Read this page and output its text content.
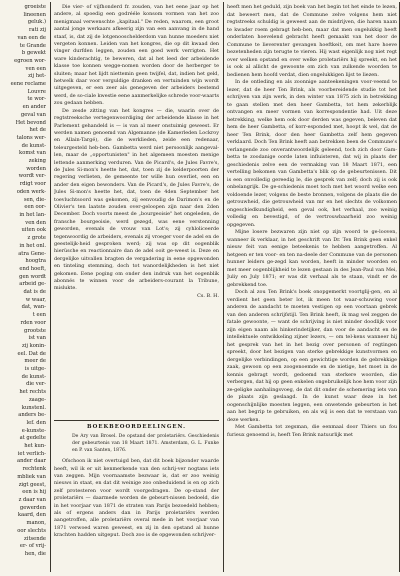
groeiste
lineenen
geluk.)
rati zij
van een de
te Grande
b gewekt
egroen wor-
ven een
zij het-
eene reclame
Louvre
te wor-
en ander
geval van
Het bevond
het de
talons wer-
de kunst-
komst van
zeking
worden
wordt ver-
rdigt voor
oden werk-
sen, die-
een oor-
in het lan-
ven den
uiten ook
z grote
in het onl.
atra Gene-
hoogtra
end hoeft,
gen wordt
arbeid ge-
dat is de
w waar,
dat, wan-
t een
rden voor
grootste
ist van
zij konin-
eel. Dat de
meer de
is uitge-
de kunst-
die ver-
het rechts
zaage-
kunstenl.
anders be-
lef. den
e-kunste-
at gedelte
het kun-
iet verlich-
ander daar
rechtenk
mbliek van
zigt geest,
een is hij
z daar van
gewerden
kaard, den
manon,
oor slechts
zitsende
er- of vrij-
hen, die

Die vier- of vijfhonderd fr. zouden, van het eene jaar op het andere, al spoedig een godrééle konsom vormen van het zoo menigmaal verwenschte „kapitaal." De reden, waarom, een groot aantal jonge werkaars afkeerig zijn van een aanvang in de hand staaf, is, dat zij de lotgenooschelderdom van hunne moeders niet vergeten konnen. Leiden van het kongres, die op dit kwaad den vinger durfden leggen, zouden een goed werk verrigten. Het ware kinderachtig, te beweren, dat al het leed der arbeidende klasse toe konnen wegge-nomen worden door de herberger te sluiten; maar het lijdt niettemin geen twijfel, dat, indien het geld, hetwelk daar voor verguldige dranken en vertuinden wijn wordt uitgegeven, er een zeer als genegeven der arbeiders bestemd werd, de so-ciale kwestie eene aanmerkelijke schrede voor-waarts zou gedaan hebben.

De zesde zitting van het kongres — die, waarin over de regtstreeksche vertegenwoordiging der arbeidende klasse in het Parlement gehandeld is — is van al meer onstuimig geweest. Er werden namen genoemd van Algemanne (de Kamerleden Lockroy en Allain-Targé), die de werklieden, zeide een redenaar, teleurgesteld heb-ben. Gambetta werd niet persoonlijk aangeval-len, maar de „opportunisten" in het algemeen moesten menige lettende aanmerking verduren. Van de Picard's, de Jules Favre's, de Jules Si-mon's heette het, dat, toen zij de kelderpoorten der regering verlieten, de gemeente ter wille hun overliet, een en ander den eigen bewonders. Van de Picard's, de Jules Favre's, de Jules Si-mon's heette het, dat, toen de 4den September het toevluchtsoord was gekomen, zij eenvoudig de Darimon's en de Olivier's ten laatste zouden over-geloopen zijn naar den 2den December. Doch voorts meest de „bourgeoisie" het ongeleden, de fransche bourgeoisie, werd gezegd, was eene verstenning geworden, evenals de vrouw van Lot's; zij cyhloliceerde tegenwoordig de arbeiders, evenals zij vroeger voor de adel en de geestelijk-heid gesproken werd; zij was op dit oogenblik hierüsche en reactionnaire dan de adel ooit ge-weest is. Deze en dergelijke uitvallen bragten de vergadering in eene opgewonden en tinteling stemming, doch tot wanordelijkheden is het niet gekomen. Eene poging om onder den indruk van het oogenblik abonnés te winnen voor de arbeiders-courant la Tribune, mislukte.

Cs. B. H.

BOEKBEOORDEELINGEN.
De Ary van Brosel. De opstand der proletariërs. Geschiedenis der gebeurtenis van 18 Maart 1871. Amsterdam, G. L. Funke en P. van Santen, 1876.

Ofschoon ik niet overtuigd ben, dat dit boek bijzonder waarde heeft, wil ik er uit kenmerkende van den schrij-ver nogtans iets van zeggen. Mijn voornaamste bezwaar is, dat er zoo weinig nieuws in staat, en dat dit weinige zoo onbeduidend is en op zich zelf protesteren voor wordt voorgedragen. De op-stand der proletariërs — daarmede worden de gebeurt-nissen bedoeld, die in het voorjaar van 1871 de straten van Parijs bezoedeld hebben; als of ergens anders dan in Parijs proletariërs werden aangetroffen, alle proletariërs overal mede in het voorjaar van 1871 verwoed waren geweest, en zij in den opstand al hunne krachten hadden uitgeput. Doch zoo is de opgewonden schrijver-

heeft men het geduld, zijn boek van het begin tot het einde te lezen, dat beweert men, dat de Commune zelve volgens hem niet regtstreeks schuldig is geweest aan de misdrijven, die haren naam te kwader roem gebragt heb-ben, maar dat men ongelukkig heeft onderlaten hoevelend gebracht heeft gemaakt van het door de Commune te lieverenter gevangen hoeftkeit, om met hare hoeve bezetenheden zijn terugte te vieren. Hij wast eigenlijk nog niet regt over welken opstand en over welke proletariërs hij spreekt, en het is ook al allicht de gewoonte om zich van zulkende woorden te bedienen hem hoofd verdat, dien ongelukkigen lijst te liezen.

In de ontleding en als zoonnige aanteekeningen voor-veemd te lezer, dat de heer Ten Brink, als voorbereidende studie tot het schrijven van zijn werk, in den winter van 1875 zich in betrekking te gaan stellen met den heer Gambetta, tot hem zekerblijk ontvangen en meer vormen van korrespondentie had. Uit deze betrekking, welke hem ook door derden was gegeven, beleven dat hem de heer Gambetta, of korr-esponded met, hoopt ik wel, dat de heer Ten Brink, door den heer Gambetta zelf hem gegeven verklaard. Doch Ten Brink heeft aan betrekken been de Commune's verlangende zoo onverantwoordelijk geleend, toch zich door Gam-betta te zoodanige oorde laten influisteren, dat wij in plaats der geschiedenis zelve een de vermaking van 18 Maart 1871, een vertelling bekomen van Gambetta's blik op de gebeurtenissen. Dit is een onvolledig gereedig le, die gesprek van zelf; doch zij is ook onbelangrijk. De ge-schiedenis moet toch met het woord welke een voldoende lezer, volgens de beste bronnen, volgens de plaats die de getrouwheid, die getrouwheid van mr en het slechts de volkomen ongeschiedkundigheid, een geval ook, het verhaal, zoo weinig volledig en bevestigd, of de vertrouwbaarheid zoo weinig opgegeven.

Mijne losere bezwaren zijn niet op zijn woord te ge-looven, wanneer ik verklaar, in het geschrift van Dr. Ten Brink geen enkel nieuw feit van eenige beteekenis te hebben aangetroffen. Al hetgeen er ten voor- en ten na-deele der Commune van de personen hunner leiders ge-zegd kan worden, heeft in minder woorden en met meer oogenblijkheid te lezen gestaan in des Jean-Paul van Mei, Juliy en July 1871; er was dit verhaal als te staan, vindt er de gebrekkend toe.

Doch al zou Ten Brink's boek onopgemerkt voortglij-gen, en al verdient het geen beter lot, ik meen tot waar-schuwing voor anderen de aandacht te moeten vestigen op een voortaan gebrek van den anderen schrijfstijl. Ten Brink heeft, ik mag wel zeggen de fatale gewoonte, — want de schrijving is niet minder doodlijk voor zijn eigen naam als hinkerindetijker, dan voor de aandacht en de intellektuele ontwikkeling zijner lezers, — om tel-kens wanneer hij het gesprek van het in het bezig over personen of regtingen spreekt, door het bezigen van sterke gebrekkige kunstvormen en dergelijke verbindingen, op een gewichtige worden de gebrekkige zaak, gewoon op een zoogenoemde en de nietige, het moet in de kennis gebragt wordt, gedoemd van sterkere woorden, die verbergen, dat hij op geen enkelen ongebruikelijk hoe hem voor zijn ze-geligke aanhalingsvoeg, de dat dit onder de schemering iets van de plaats zijn geslaagd. In de kunst waar deze in het oogenschijnlijke moesten leggen, een onwetende gebeurten is het aan het begrip te gebruiken, en als wij is een dat te verstaan van deze werken.

Met Gambetta tot zegsman, die eenmaal door Thiers un fou furieux genoemd is, heeft Ten Brink natuurlijk met
